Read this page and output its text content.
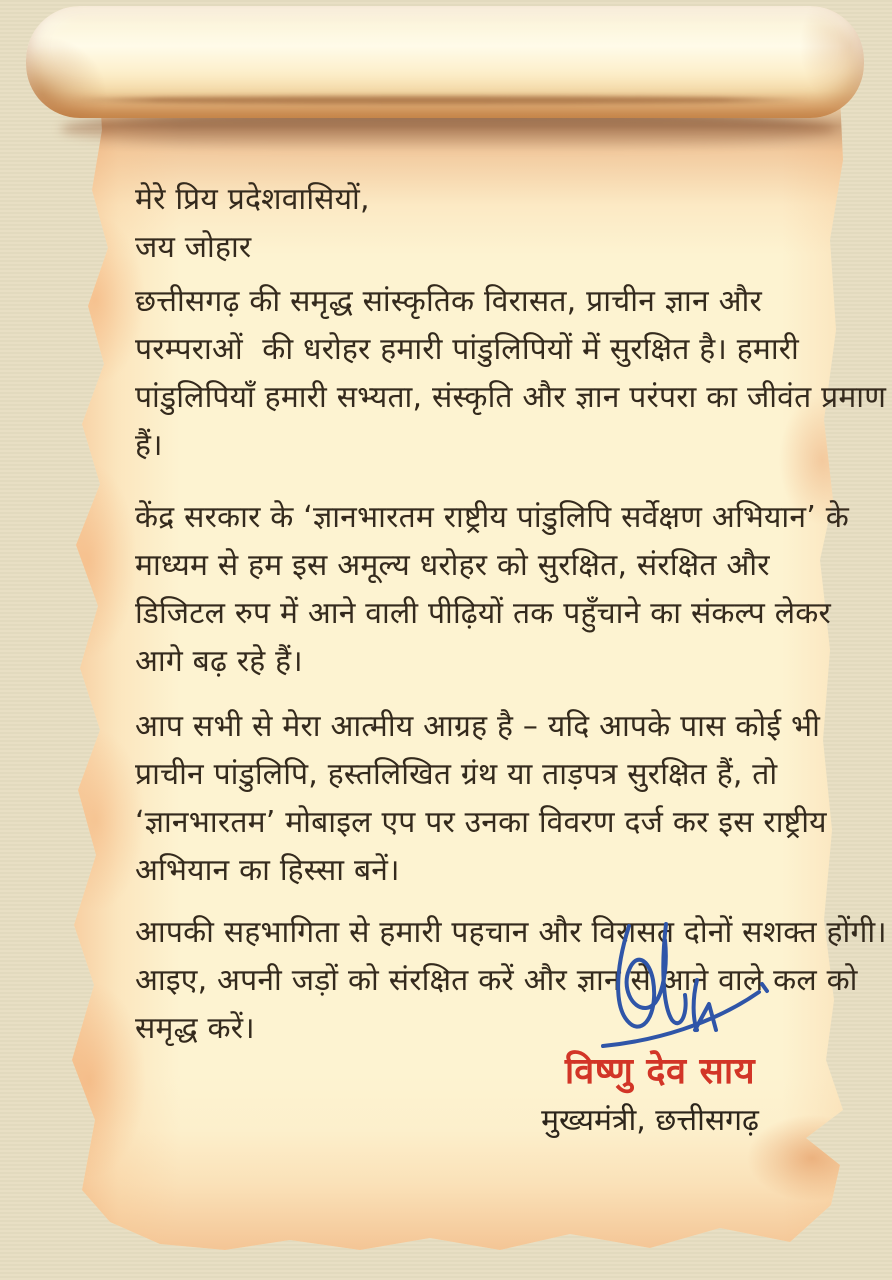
मेरे प्रिय प्रदेशवासियों,
जय जोहार
छत्तीसगढ़ की समृद्ध सांस्कृतिक विरासत, प्राचीन ज्ञान और
परम्पराओं  की धरोहर हमारी पांडुलिपियों में सुरक्षित है। हमारी
पांडुलिपियाँ हमारी सभ्यता, संस्कृति और ज्ञान परंपरा का जीवंत प्रमाण
हैं।
केंद्र सरकार के ‘ज्ञानभारतम राष्ट्रीय पांडुलिपि सर्वेक्षण अभियान’ के
माध्यम से हम इस अमूल्य धरोहर को सुरक्षित, संरक्षित और
डिजिटल रुप में आने वाली पीढ़ियों तक पहुँचाने का संकल्प लेकर
आगे बढ़ रहे हैं।
आप सभी से मेरा आत्मीय आग्रह है – यदि आपके पास कोई भी
प्राचीन पांडुलिपि, हस्तलिखित ग्रंथ या ताड़पत्र सुरक्षित हैं, तो
‘ज्ञानभारतम’ मोबाइल एप पर उनका विवरण दर्ज कर इस राष्ट्रीय
अभियान का हिस्सा बनें।
आपकी सहभागिता से हमारी पहचान और विरासत दोनों सशक्त होंगी।
आइए, अपनी जड़ों को संरक्षित करें और ज्ञान से आने वाले कल को
समृद्ध करें।
विष्णु देव साय
मुख्यमंत्री, छत्तीसगढ़
